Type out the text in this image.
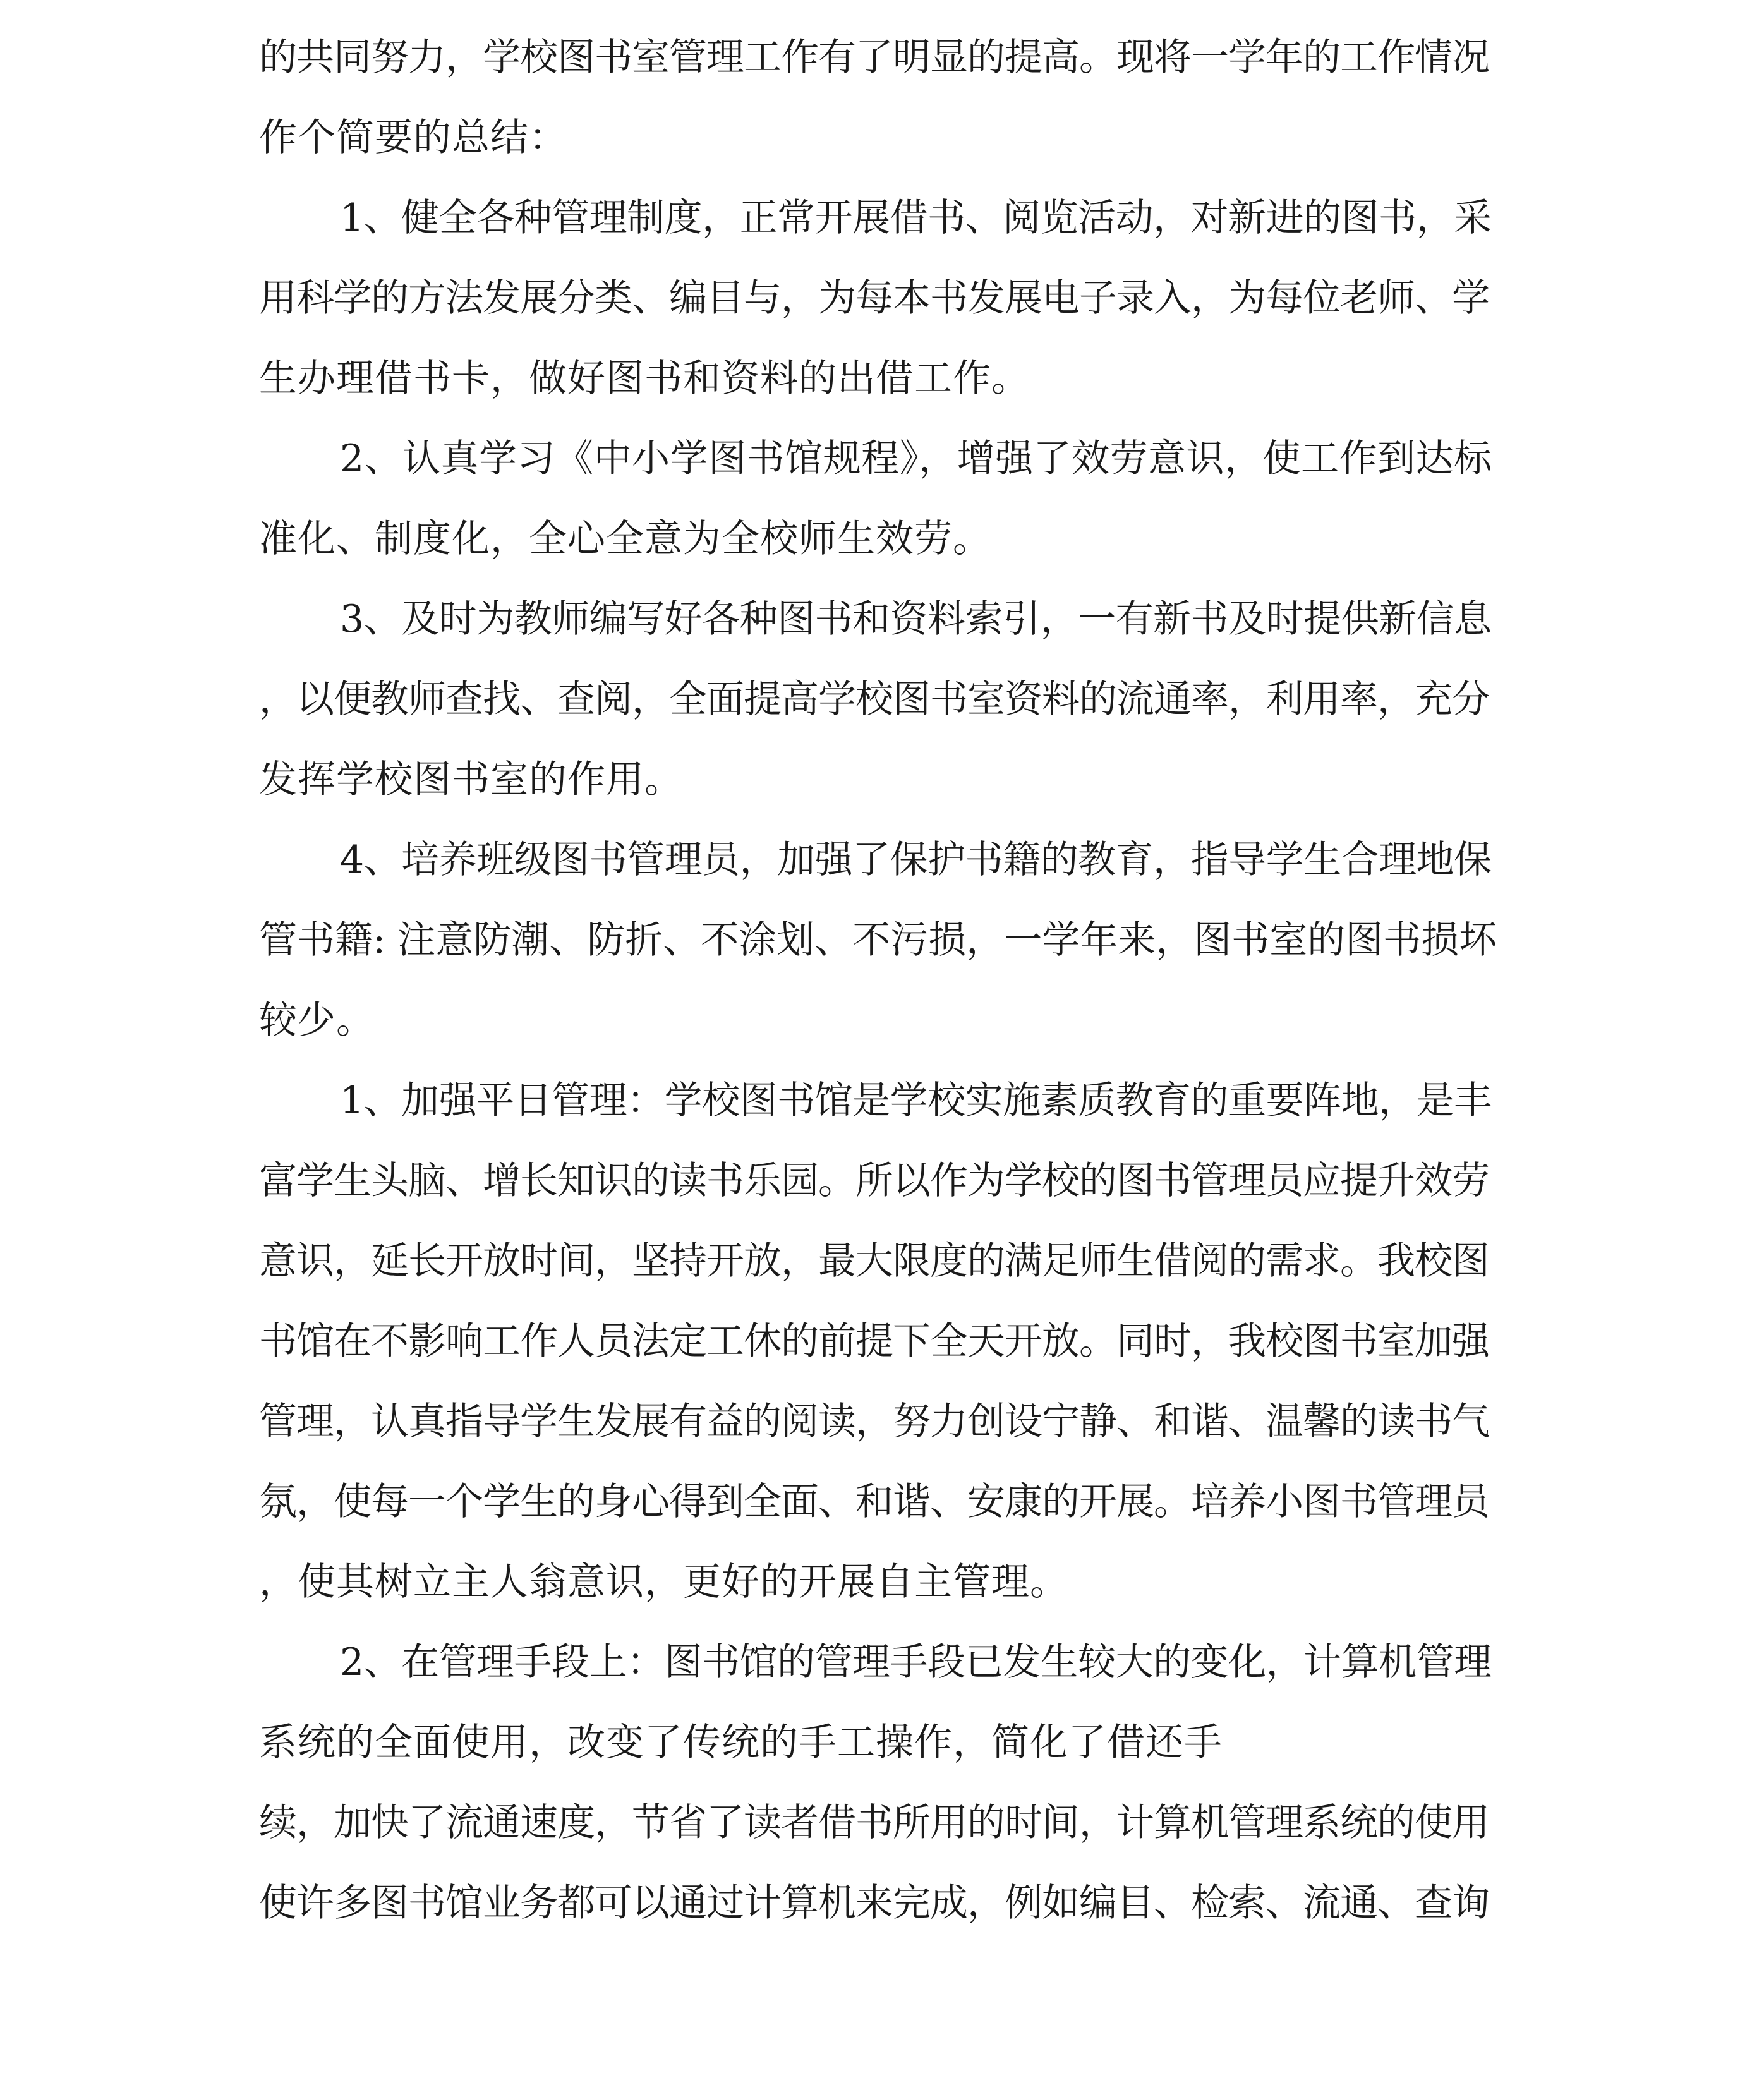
的共同努力，学校图书室管理工作有了明显的提高。现将一学年的工作情况
作个简要的总结：
1、健全各种管理制度，正常开展借书、阅览活动，对新进的图书，采
用科学的方法发展分类、编目与，为每本书发展电子录入，为每位老师、学
生办理借书卡，做好图书和资料的出借工作。
2、认真学习《中小学图书馆规程》，增强了效劳意识，使工作到达标
准化、制度化，全心全意为全校师生效劳。
3、及时为教师编写好各种图书和资料索引，一有新书及时提供新信息
，以便教师查找、查阅，全面提高学校图书室资料的流通率，利用率，充分
发挥学校图书室的作用。
4、培养班级图书管理员，加强了保护书籍的教育，指导学生合理地保
管书籍: 注意防潮、防折、不涂划、不污损，一学年来，图书室的图书损坏
较少。
1、加强平日管理：学校图书馆是学校实施素质教育的重要阵地，是丰
富学生头脑、增长知识的读书乐园。所以作为学校的图书管理员应提升效劳
意识，延长开放时间，坚持开放，最大限度的满足师生借阅的需求。我校图
书馆在不影响工作人员法定工休的前提下全天开放。同时，我校图书室加强
管理，认真指导学生发展有益的阅读，努力创设宁静、和谐、温馨的读书气
氛，使每一个学生的身心得到全面、和谐、安康的开展。培养小图书管理员
，使其树立主人翁意识，更好的开展自主管理。
2、在管理手段上：图书馆的管理手段已发生较大的变化，计算机管理
系统的全面使用，改变了传统的手工操作，简化了借还手
续，加快了流通速度，节省了读者借书所用的时间，计算机管理系统的使用
使许多图书馆业务都可以通过计算机来完成，例如编目、检索、流通、查询
